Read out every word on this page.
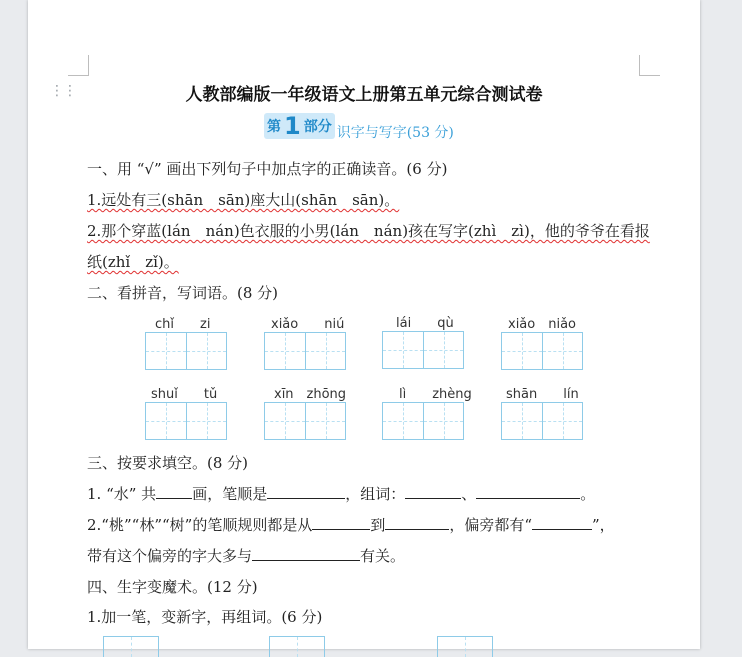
⋮⋮	人教部编版一年级语文上册第五单元综合测试卷
第 1 部分 识字与写字(53 分)
一、用 “√” 画出下列句子中加点字的正确读音。(6 分)
1.远处有三(shān　sān)座大山(shān　sān)。
2.那个穿蓝(lán　nán)色衣服的小男(lán　nán)孩在写字(zhì　zì)，他的爷爷在看报
纸(zhǐ　zǐ)。
二、看拼音，写词语。(8 分)
chǐ　　zi	xiǎo　　niú	lái　　qù	xiǎo　niǎo
shuǐ　　tǔ	xīn　zhōng	lì　　zhèng	shān　　lín
三、按要求填空。(8 分)
1. “水” 共 画，笔顺是	，组词：	、	。
2.“桃”“林”“树”的笔顺规则都是从	到	，偏旁都有“	”，
带有这个偏旁的字大多与	有关。
四、生字变魔术。(12 分)
1.加一笔，变新字，再组词。(6 分)
